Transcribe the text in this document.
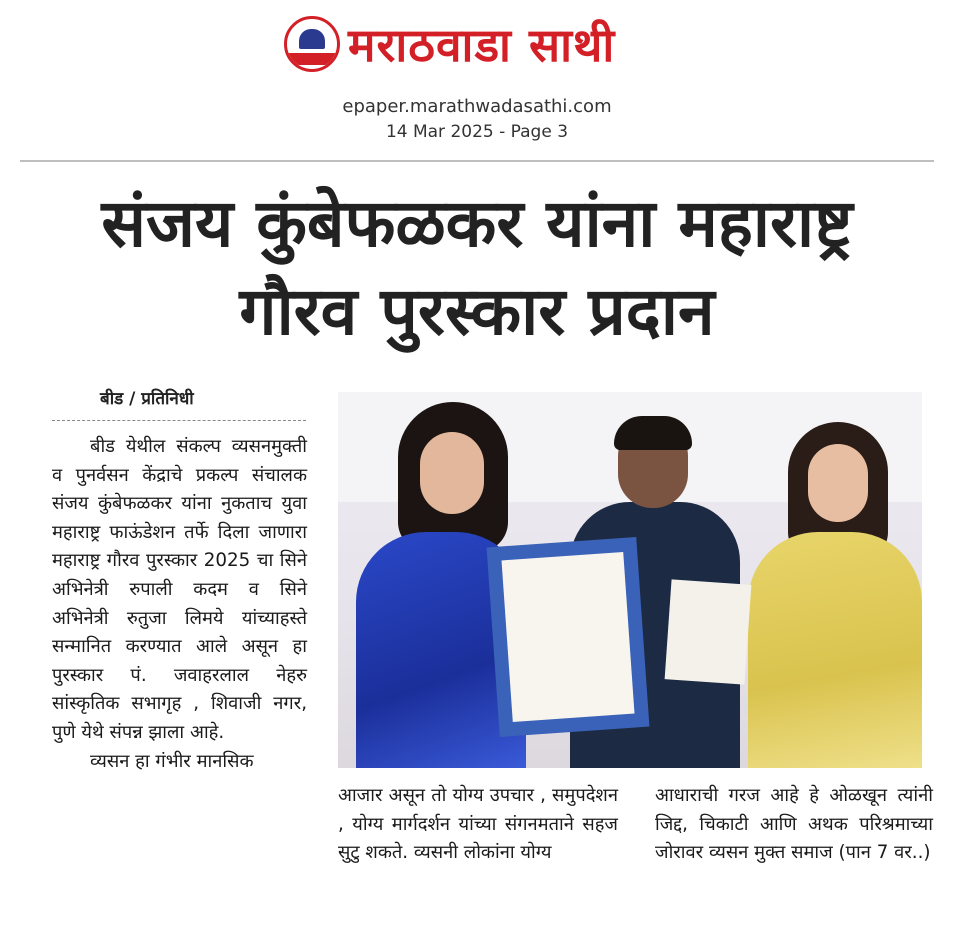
मराठवाडा साथी
epaper.marathwadasathi.com
14 Mar 2025 - Page 3
संजय कुंबेफळकर यांना महाराष्ट्र
गौरव पुरस्कार प्रदान
बीड / प्रतिनिधी

बीड येथील संकल्प व्यसनमुक्ती व पुनर्वसन केंद्राचे प्रकल्प संचालक संजय कुंबेफळकर यांना नुकताच युवा महाराष्ट्र फाऊंडेशन तर्फे दिला जाणारा महाराष्ट्र गौरव पुरस्कार 2025 चा सिने अभिनेत्री रुपाली कदम व सिने अभिनेत्री रुतुजा लिमये यांच्याहस्ते सन्मानित करण्यात आले असून हा पुरस्कार पं. जवाहरलाल नेहरु सांस्कृतिक सभागृह , शिवाजी नगर, पुणे येथे संपन्न झाला आहे.

व्यसन हा गंभीर मानसिक

आजार असून तो योग्य उपचार , समुपदेशन , योग्य मार्गदर्शन यांच्या संगनमताने सहज सुटु शकते. व्यसनी लोकांना योग्य

आधाराची गरज आहे हे ओळखून त्यांनी जिद्द, चिकाटी आणि अथक परिश्रमाच्या जोरावर व्यसन मुक्त समाज (पान 7 वर..)
